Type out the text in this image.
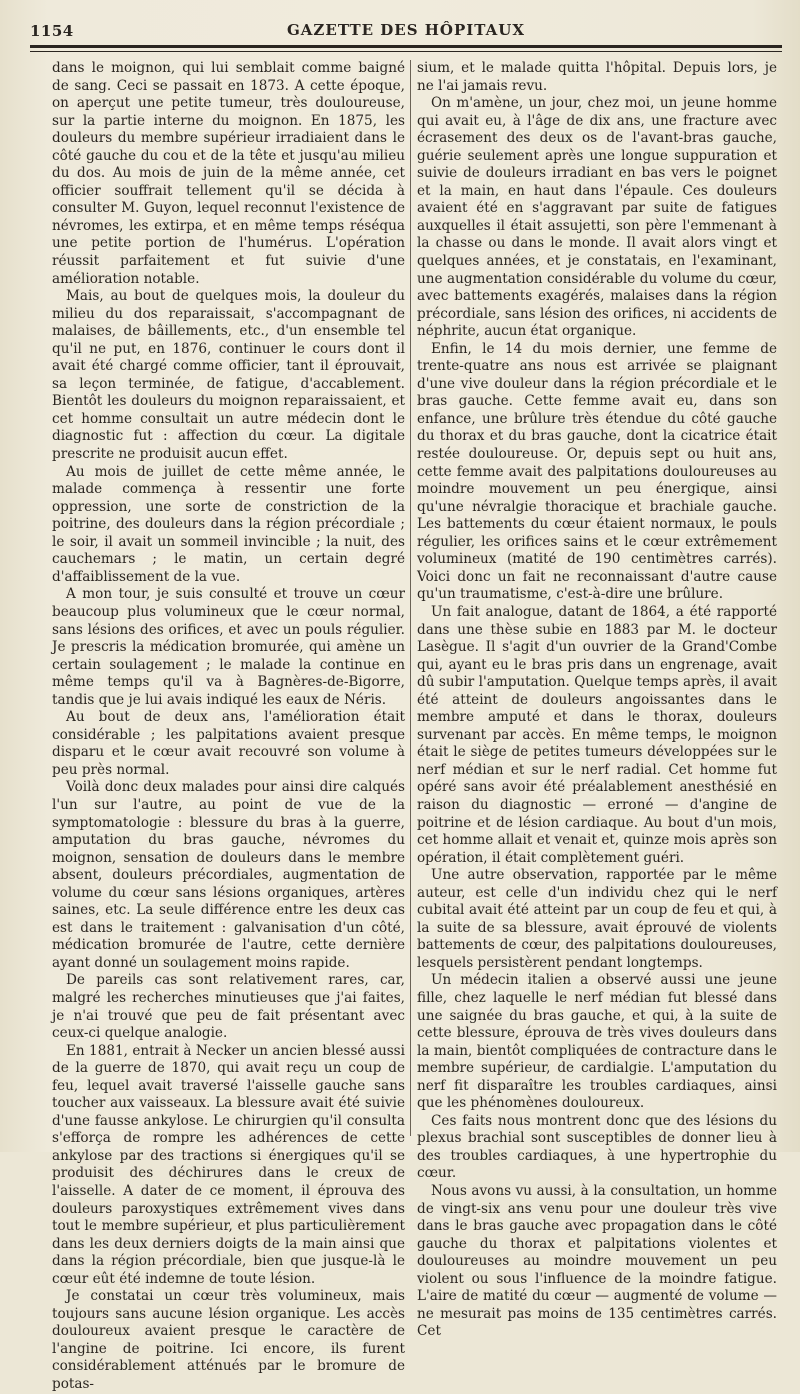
1154	GAZETTE DES HÔPITAUX

dans le moignon, qui lui semblait comme baigné de sang. Ceci se passait en 1873. A cette époque, on aperçut une petite tumeur, très douloureuse, sur la partie interne du moignon. En 1875, les douleurs du membre supérieur irradiaient dans le côté gauche du cou et de la tête et jusqu'au milieu du dos. Au mois de juin de la même année, cet officier souffrait tellement qu'il se décida à consulter M. Guyon, lequel reconnut l'existence de névromes, les extirpa, et en même temps réséqua une petite portion de l'humérus. L'opération réussit parfaitement et fut suivie d'une amélioration notable.

Mais, au bout de quelques mois, la douleur du milieu du dos reparaissait, s'accompagnant de malaises, de bâillements, etc., d'un ensemble tel qu'il ne put, en 1876, continuer le cours dont il avait été chargé comme officier, tant il éprouvait, sa leçon terminée, de fatigue, d'accablement. Bientôt les douleurs du moignon reparaissaient, et cet homme consultait un autre médecin dont le diagnostic fut : affection du cœur. La digitale prescrite ne produisit aucun effet.

Au mois de juillet de cette même année, le malade commença à ressentir une forte oppression, une sorte de constriction de la poitrine, des douleurs dans la région précordiale ; le soir, il avait un sommeil invincible ; la nuit, des cauchemars ; le matin, un certain degré d'affaiblissement de la vue.

A mon tour, je suis consulté et trouve un cœur beaucoup plus volumineux que le cœur normal, sans lésions des orifices, et avec un pouls régulier. Je prescris la médication bromurée, qui amène un certain soulagement ; le malade la continue en même temps qu'il va à Bagnères-de-Bigorre, tandis que je lui avais indiqué les eaux de Néris.

Au bout de deux ans, l'amélioration était considérable ; les palpitations avaient presque disparu et le cœur avait recouvré son volume à peu près normal.

Voilà donc deux malades pour ainsi dire calqués l'un sur l'autre, au point de vue de la symptomatologie : blessure du bras à la guerre, amputation du bras gauche, névromes du moignon, sensation de douleurs dans le membre absent, douleurs précordiales, augmentation de volume du cœur sans lésions organiques, artères saines, etc. La seule différence entre les deux cas est dans le traitement : galvanisation d'un côté, médication bromurée de l'autre, cette dernière ayant donné un soulagement moins rapide.

De pareils cas sont relativement rares, car, malgré les recherches minutieuses que j'ai faites, je n'ai trouvé que peu de fait présentant avec ceux-ci quelque analogie.

En 1881, entrait à Necker un ancien blessé aussi de la guerre de 1870, qui avait reçu un coup de feu, lequel avait traversé l'aisselle gauche sans toucher aux vaisseaux. La blessure avait été suivie d'une fausse ankylose. Le chirurgien qu'il consulta s'efforça de rompre les adhérences de cette ankylose par des tractions si énergiques qu'il se produisit des déchirures dans le creux de l'aisselle. A dater de ce moment, il éprouva des douleurs paroxystiques extrêmement vives dans tout le membre supérieur, et plus particulièrement dans les deux derniers doigts de la main ainsi que dans la région précordiale, bien que jusque-là le cœur eût été indemne de toute lésion.

Je constatai un cœur très volumineux, mais toujours sans aucune lésion organique. Les accès douloureux avaient presque le caractère de l'angine de poitrine. Ici encore, ils furent considérablement atténués par le bromure de potas-

sium, et le malade quitta l'hôpital. Depuis lors, je ne l'ai jamais revu.

On m'amène, un jour, chez moi, un jeune homme qui avait eu, à l'âge de dix ans, une fracture avec écrasement des deux os de l'avant-bras gauche, guérie seulement après une longue suppuration et suivie de douleurs irradiant en bas vers le poignet et la main, en haut dans l'épaule. Ces douleurs avaient été en s'aggravant par suite de fatigues auxquelles il était assujetti, son père l'emmenant à la chasse ou dans le monde. Il avait alors vingt et quelques années, et je constatais, en l'examinant, une augmentation considérable du volume du cœur, avec battements exagérés, malaises dans la région précordiale, sans lésion des orifices, ni accidents de néphrite, aucun état organique.

Enfin, le 14 du mois dernier, une femme de trente-quatre ans nous est arrivée se plaignant d'une vive douleur dans la région précordiale et le bras gauche. Cette femme avait eu, dans son enfance, une brûlure très étendue du côté gauche du thorax et du bras gauche, dont la cicatrice était restée douloureuse. Or, depuis sept ou huit ans, cette femme avait des palpitations douloureuses au moindre mouvement un peu énergique, ainsi qu'une névralgie thoracique et brachiale gauche. Les battements du cœur étaient normaux, le pouls régulier, les orifices sains et le cœur extrêmement volumineux (matité de 190 centimètres carrés). Voici donc un fait ne reconnaissant d'autre cause qu'un traumatisme, c'est-à-dire une brûlure.

Un fait analogue, datant de 1864, a été rapporté dans une thèse subie en 1883 par M. le docteur Lasègue. Il s'agit d'un ouvrier de la Grand'Combe qui, ayant eu le bras pris dans un engrenage, avait dû subir l'amputation. Quelque temps après, il avait été atteint de douleurs angoissantes dans le membre amputé et dans le thorax, douleurs survenant par accès. En même temps, le moignon était le siège de petites tumeurs développées sur le nerf médian et sur le nerf radial. Cet homme fut opéré sans avoir été préalablement anesthésié en raison du diagnostic — erroné — d'angine de poitrine et de lésion cardiaque. Au bout d'un mois, cet homme allait et venait et, quinze mois après son opération, il était complètement guéri.

Une autre observation, rapportée par le même auteur, est celle d'un individu chez qui le nerf cubital avait été atteint par un coup de feu et qui, à la suite de sa blessure, avait éprouvé de violents battements de cœur, des palpitations douloureuses, lesquels persistèrent pendant longtemps.

Un médecin italien a observé aussi une jeune fille, chez laquelle le nerf médian fut blessé dans une saignée du bras gauche, et qui, à la suite de cette blessure, éprouva de très vives douleurs dans la main, bientôt compliquées de contracture dans le membre supérieur, de cardialgie. L'amputation du nerf fit disparaître les troubles cardiaques, ainsi que les phénomènes douloureux.

Ces faits nous montrent donc que des lésions du plexus brachial sont susceptibles de donner lieu à des troubles cardiaques, à une hypertrophie du cœur.

Nous avons vu aussi, à la consultation, un homme de vingt-six ans venu pour une douleur très vive dans le bras gauche avec propagation dans le côté gauche du thorax et palpitations violentes et douloureuses au moindre mouvement un peu violent ou sous l'influence de la moindre fatigue. L'aire de matité du cœur — augmenté de volume — ne mesurait pas moins de 135 centimètres carrés. Cet
